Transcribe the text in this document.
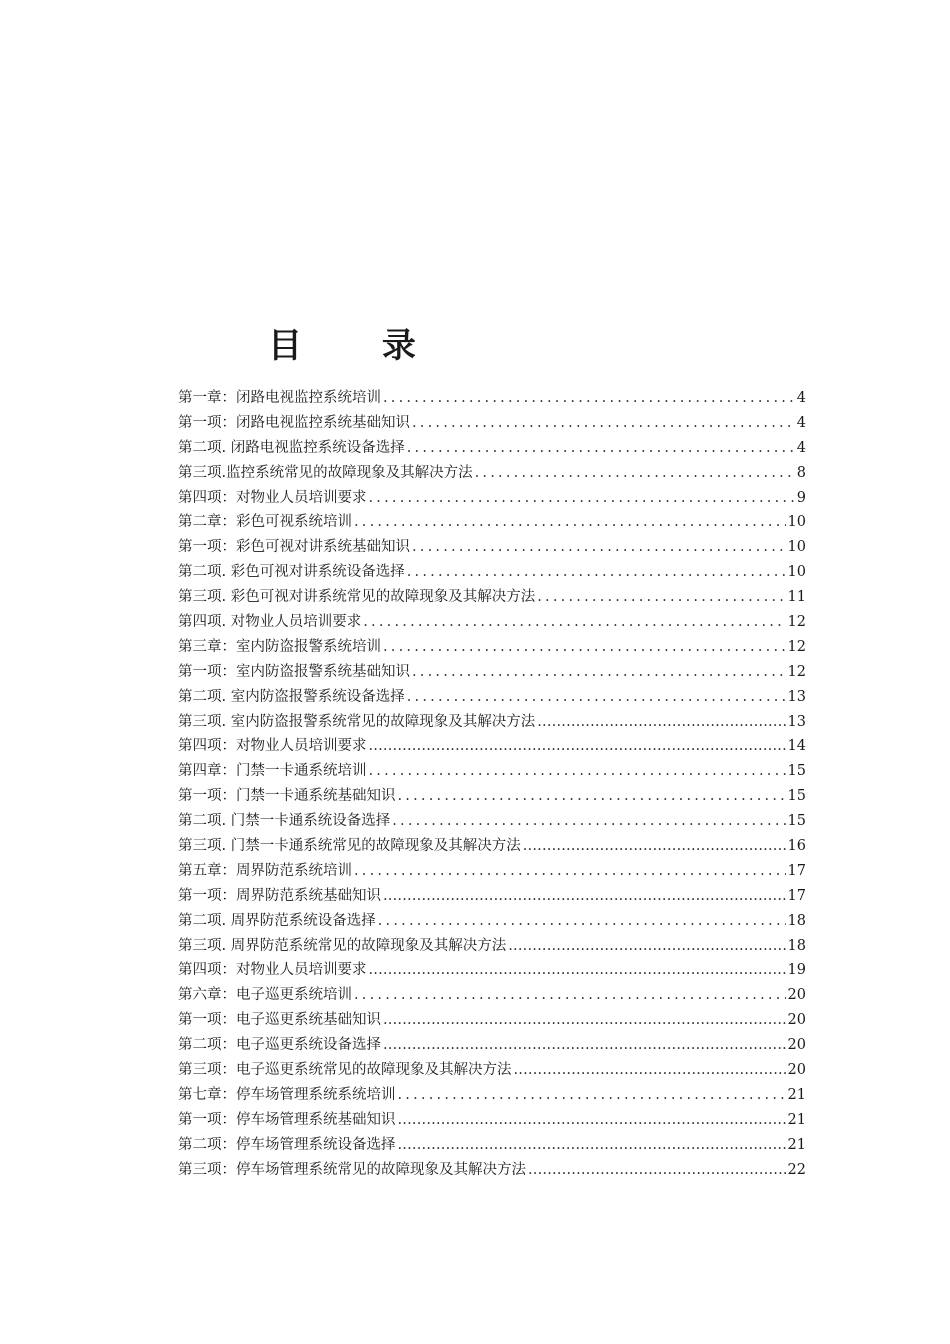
目 录
第一章：闭路电视监控系统培训 .....	4
第一项：闭路电视监控系统基础知识 .....	4
第二项. 闭路电视监控系统设备选择 .....	4
第三项.监控系统常见的故障现象及其解决方法 .....	8
第四项：对物业人员培训要求 .....	9
第二章：彩色可视系统培训 .....	10
第一项：彩色可视对讲系统基础知识 .....	10
第二项. 彩色可视对讲系统设备选择 .....	10
第三项. 彩色可视对讲系统常见的故障现象及其解决方法 .....	11
第四项. 对物业人员培训要求 .....	12
第三章：室内防盗报警系统培训 .....	12
第一项：室内防盗报警系统基础知识 .....	12
第二项. 室内防盗报警系统设备选择 .....	13
第三项. 室内防盗报警系统常见的故障现象及其解决方法 .....	13
第四项：对物业人员培训要求 .....	14
第四章：门禁一卡通系统培训 .....	15
第一项：门禁一卡通系统基础知识 .....	15
第二项. 门禁一卡通系统设备选择 .....	15
第三项. 门禁一卡通系统常见的故障现象及其解决方法 .....	16
第五章：周界防范系统培训 .....	17
第一项：周界防范系统基础知识 .....	17
第二项. 周界防范系统设备选择 .....	18
第三项. 周界防范系统常见的故障现象及其解决方法 .....	18
第四项：对物业人员培训要求 .....	19
第六章：电子巡更系统培训 .....	20
第一项：电子巡更系统基础知识 .....	20
第二项：电子巡更系统设备选择 .....	20
第三项：电子巡更系统常见的故障现象及其解决方法 .....	20
第七章：停车场管理系统系统培训 .....	21
第一项：停车场管理系统基础知识 .....	21
第二项：停车场管理系统设备选择 .....	21
第三项：停车场管理系统常见的故障现象及其解决方法 .....	22
